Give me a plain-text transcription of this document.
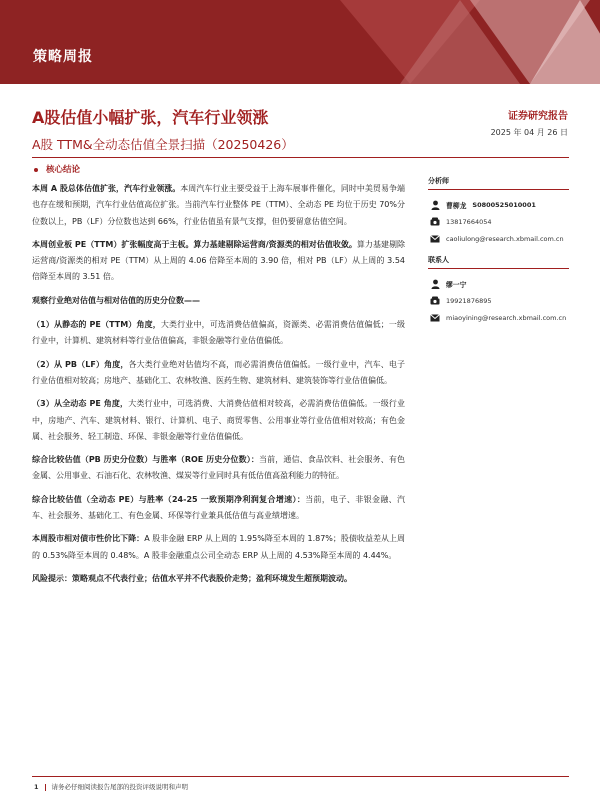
策略周报
A股估值小幅扩张，汽车行业领涨
A股 TTM&全动态估值全景扫描（20250426）
证券研究报告
2025 年 04 月 26 日
核心结论

本周 A 股总体估值扩张，汽车行业领涨。本周汽车行业主要受益于上海车展事件催化，同时中美贸易争端也存在缓和预期，汽车行业估值高位扩张。当前汽车行业整体 PE（TTM）、全动态 PE 均位于历史 70%分位数以上，PB（LF）分位数也达到 66%，行业估值虽有景气支撑，但仍要留意估值空间。

本周创业板 PE（TTM）扩张幅度高于主板。算力基建剔除运营商/资源类的相对估值收敛。算力基建剔除运营商/资源类的相对 PE（TTM）从上周的 4.06 倍降至本周的 3.90 倍，相对 PB（LF）从上周的 3.54 倍降至本周的 3.51 倍。

观察行业绝对估值与相对估值的历史分位数——

（1）从静态的 PE（TTM）角度，大类行业中，可选消费估值偏高，资源类、必需消费估值偏低；一级行业中，计算机、建筑材料等行业估值偏高，非银金融等行业估值偏低。

（2）从 PB（LF）角度，各大类行业绝对估值均不高，而必需消费估值偏低。一级行业中，汽车、电子行业估值相对较高；房地产、基础化工、农林牧渔、医药生物、建筑材料、建筑装饰等行业估值偏低。

（3）从全动态 PE 角度，大类行业中，可选消费、大消费估值相对较高，必需消费估值偏低。一级行业中，房地产、汽车、建筑材料、银行、计算机、电子、商贸零售、公用事业等行业估值相对较高；有色金属、社会服务、轻工制造、环保、非银金融等行业估值偏低。

综合比较估值（PB 历史分位数）与胜率（ROE 历史分位数）：当前，通信、食品饮料、社会服务、有色金属、公用事业、石油石化、农林牧渔、煤炭等行业同时具有低估值高盈利能力的特征。

综合比较估值（全动态 PE）与胜率（24-25 一致预期净利润复合增速）：当前，电子、非银金融、汽车、社会服务、基础化工、有色金属、环保等行业兼具低估值与高业绩增速。

本周股市相对债市性价比下降：A 股非金融 ERP 从上周的 1.95%降至本周的 1.87%；股债收益差从上周的 0.53%降至本周的 0.48%。A 股非金融重点公司全动态 ERP 从上周的 4.53%降至本周的 4.44%。

风险提示：策略观点不代表行业；估值水平并不代表股价走势；盈利环境发生超预期波动。

分析师
曹柳龙 S0800525010001
13817664054
caoliulong@research.xbmail.com.cn
联系人
缪一宁
19921876895
miaoyining@research.xbmail.com.cn
1 请务必仔细阅读报告尾部的投资评级说明和声明
